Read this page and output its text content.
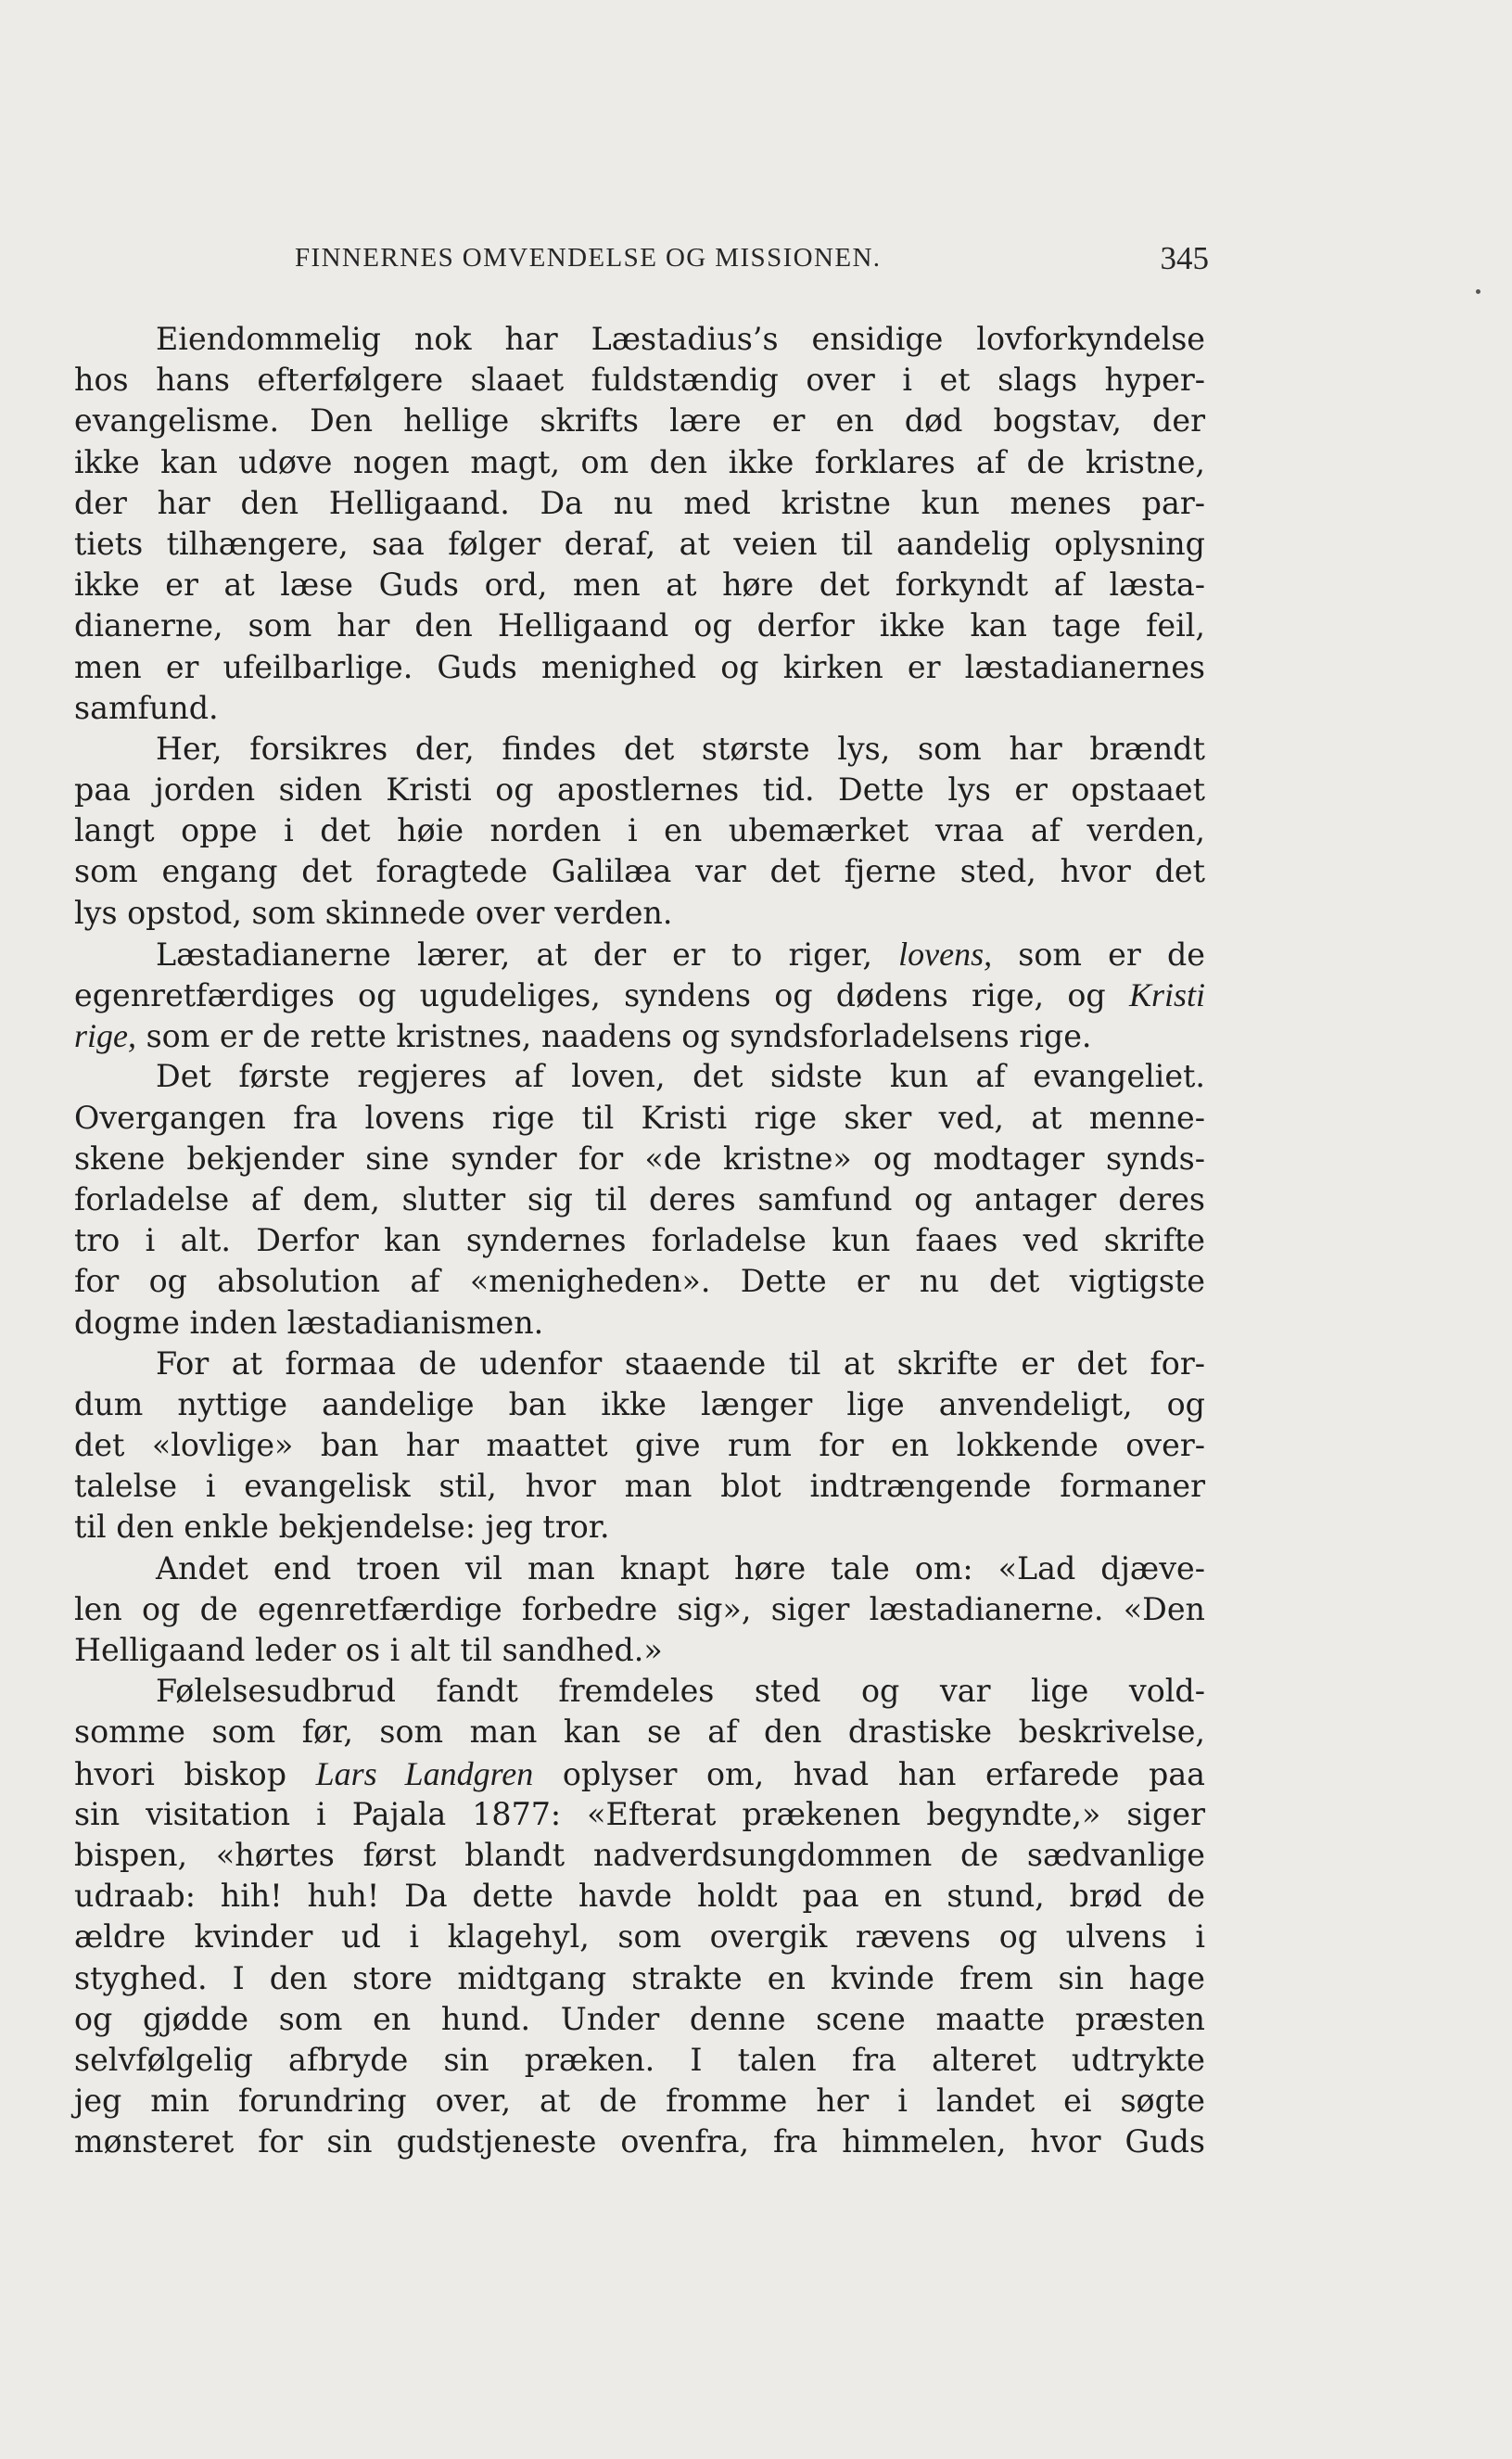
FINNERNES OMVENDELSE OG MISSIONEN.	345
Eiendommelig nok har Læstadius’s ensidige lovforkyndelse
hos hans efterfølgere slaaet fuldstændig over i et slags hyper-
evangelisme. Den hellige skrifts lære er en død bogstav, der
ikke kan udøve nogen magt, om den ikke forklares af de kristne,
der har den Helligaand. Da nu med kristne kun menes par-
tiets tilhængere, saa følger deraf, at veien til aandelig oplysning
ikke er at læse Guds ord, men at høre det forkyndt af læsta-
dianerne, som har den Helligaand og derfor ikke kan tage feil,
men er ufeilbarlige. Guds menighed og kirken er læstadianernes
samfund.
Her, forsikres der, findes det største lys, som har brændt
paa jorden siden Kristi og apostlernes tid. Dette lys er opstaaet
langt oppe i det høie norden i en ubemærket vraa af verden,
som engang det foragtede Galilæa var det fjerne sted, hvor det
lys opstod, som skinnede over verden.
Læstadianerne lærer, at der er to riger, lovens, som er de
egenretfærdiges og ugudeliges, syndens og dødens rige, og Kristi
rige, som er de rette kristnes, naadens og syndsforladelsens rige.
Det første regjeres af loven, det sidste kun af evangeliet.
Overgangen fra lovens rige til Kristi rige sker ved, at menne-
skene bekjender sine synder for «de kristne» og modtager synds-
forladelse af dem, slutter sig til deres samfund og antager deres
tro i alt. Derfor kan syndernes forladelse kun faaes ved skrifte
for og absolution af «menigheden». Dette er nu det vigtigste
dogme inden læstadianismen.
For at formaa de udenfor staaende til at skrifte er det for-
dum nyttige aandelige ban ikke længer lige anvendeligt, og
det «lovlige» ban har maattet give rum for en lokkende over-
talelse i evangelisk stil, hvor man blot indtrængende formaner
til den enkle bekjendelse: jeg tror.
Andet end troen vil man knapt høre tale om: «Lad djæve-
len og de egenretfærdige forbedre sig», siger læstadianerne. «Den
Helligaand leder os i alt til sandhed.»
Følelsesudbrud fandt fremdeles sted og var lige vold-
somme som før, som man kan se af den drastiske beskrivelse,
hvori biskop Lars Landgren oplyser om, hvad han erfarede paa
sin visitation i Pajala 1877: «Efterat prækenen begyndte,» siger
bispen, «hørtes først blandt nadverdsungdommen de sædvanlige
udraab: hih! huh! Da dette havde holdt paa en stund, brød de
ældre kvinder ud i klagehyl, som overgik rævens og ulvens i
styghed. I den store midtgang strakte en kvinde frem sin hage
og gjødde som en hund. Under denne scene maatte præsten
selvfølgelig afbryde sin præken. I talen fra alteret udtrykte
jeg min forundring over, at de fromme her i landet ei søgte
mønsteret for sin gudstjeneste ovenfra, fra himmelen, hvor Guds
